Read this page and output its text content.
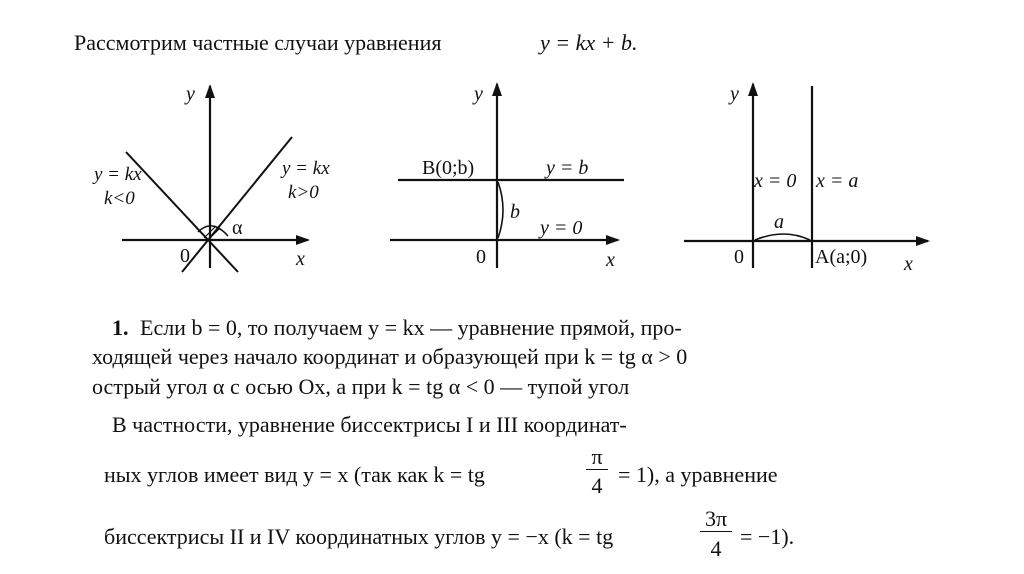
Рассмотрим частные случаи уравнения	y = kx + b.
y
x
0
y = kx
k<0
y = kx
k>0
α
y
x
0
B(0;b)	y = b
b
y = 0
y
x
0
x = 0 x = a
a
A(a;0)
1. Если b = 0, то получаем y = kx — уравнение прямой, про-
ходящей через начало координат и образующей при k = tg α > 0
острый угол α с осью Ox, а при k = tg α < 0 — тупой угол
В частности, уравнение биссектрисы I и III координат-
ных углов имеет вид y = x (так как k = tg
π
4 = 1), а уравнение
биссектрисы II и IV координатных углов y = −x (k = tg
3π
4 = −1).
